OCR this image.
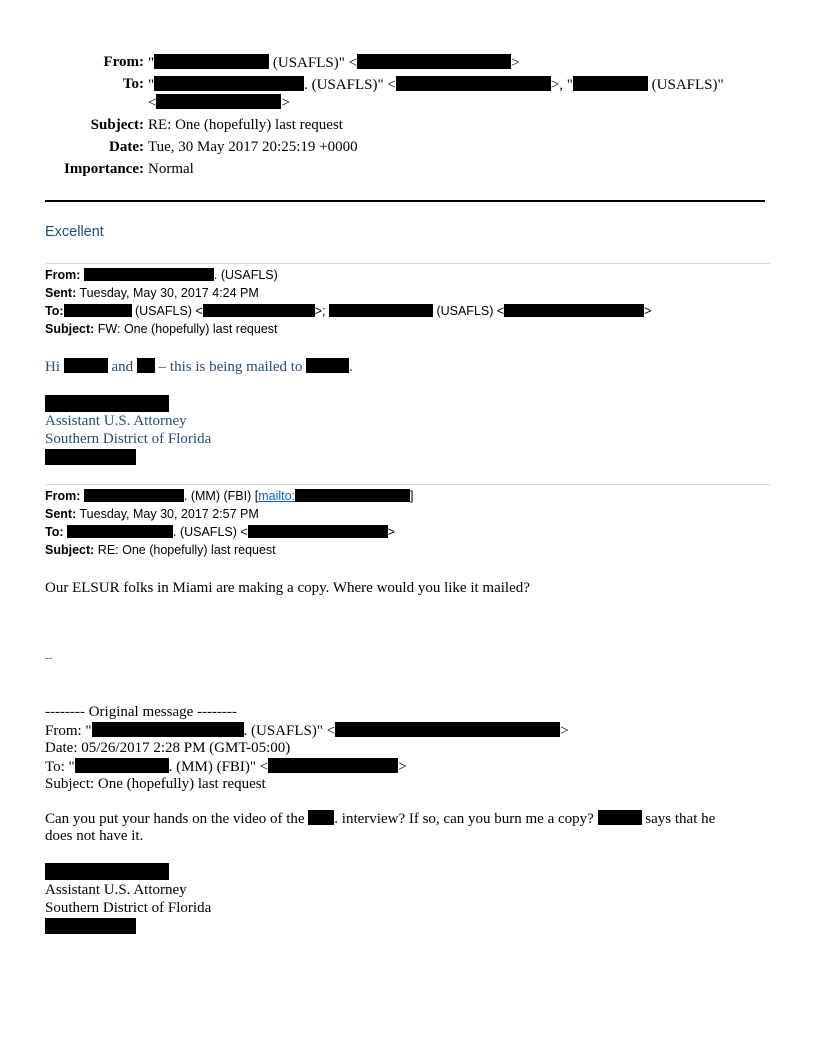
From: "	(USAFLS)" <	>
To: "	. (USAFLS)" <	>, "	(USAFLS)"
<	>
Subject: RE: One (hopefully) last request
Date: Tue, 30 May 2017 20:25:19 +0000
Importance: Normal
Excellent
From:	. (USAFLS)
Sent: Tuesday, May 30, 2017 4:24 PM
To:	(USAFLS) <	>;	(USAFLS) <	>
Subject: FW: One (hopefully) last request
Hi	and  – this is being mailed to	.
Assistant U.S. Attorney
Southern District of Florida
From:	. (MM) (FBI) [mailto:	]
Sent: Tuesday, May 30, 2017 2:57 PM
To:	. (USAFLS) <	>
Subject: RE: One (hopefully) last request
Our ELSUR folks in Miami are making a copy. Where would you like it mailed?
--
-------- Original message --------
From: "	. (USAFLS)" <	>
Date: 05/26/2017 2:28 PM (GMT-05:00)
To: "	. (MM) (FBI)" <	>
Subject: One (hopefully) last request
Can you put your hands on the video of the . interview? If so, can you burn me a copy?	says that he
does not have it.
Assistant U.S. Attorney
Southern District of Florida
